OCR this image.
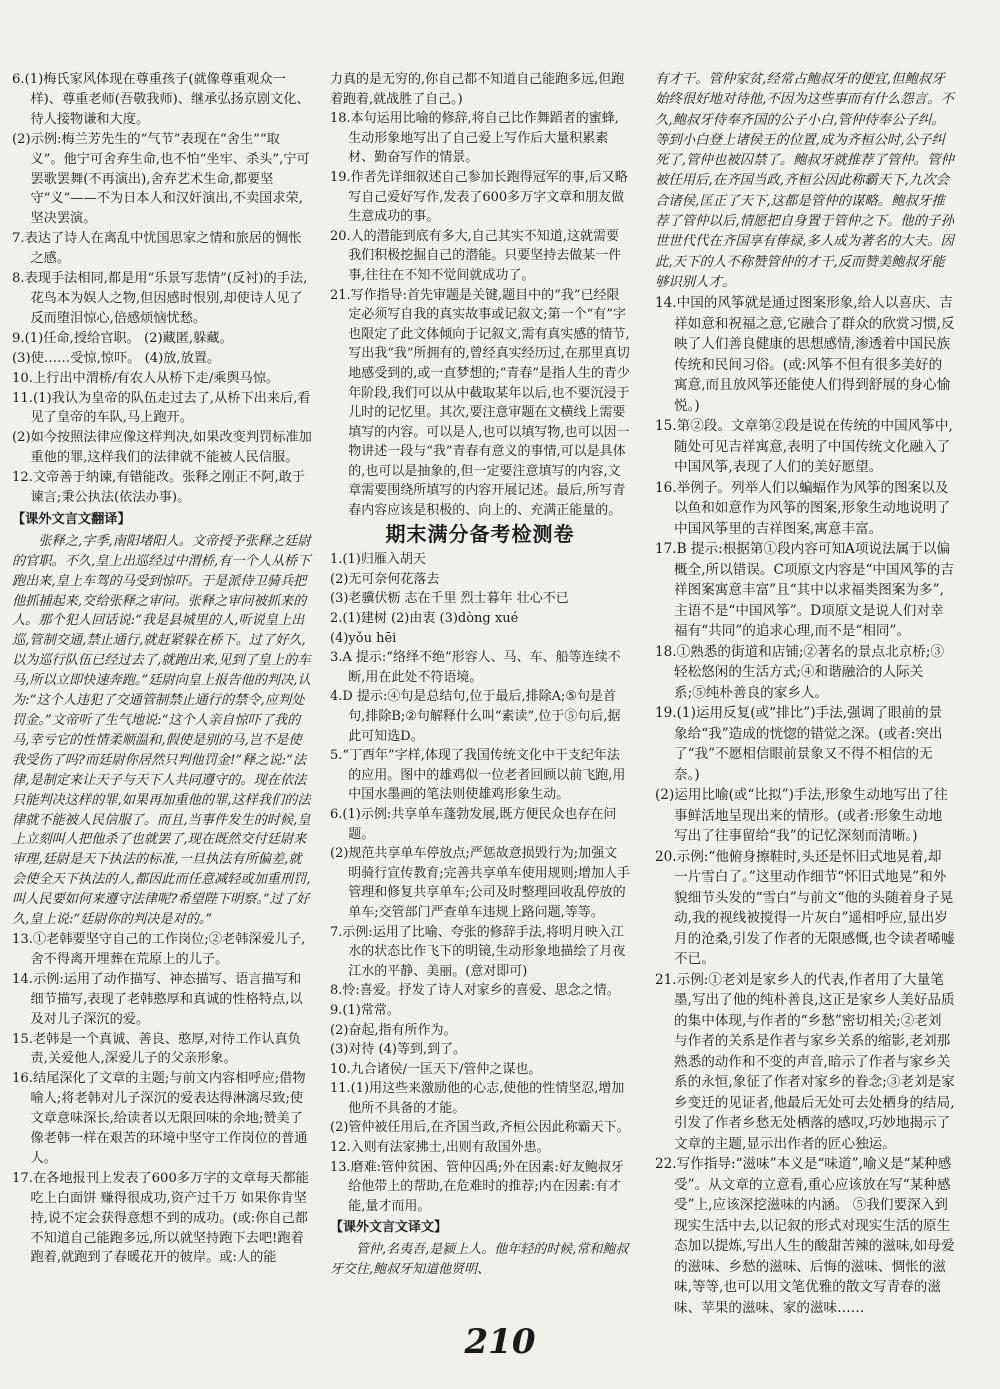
6.(1)梅氏家风体现在尊重孩子(就像尊重观众一样)、尊重老师(吾敬我师)、继承弘扬京剧文化、待人接物谦和大度。

(2)示例:梅兰芳先生的“气节”表现在“舍生”“取义”。他宁可舍弃生命,也不怕“坐牢、杀头”,宁可罢歌罢舞(不再演出),舍弃艺术生命,都要坚守“义”——不为日本人和汉奸演出,不卖国求荣,坚决罢演。

7.表达了诗人在离乱中忧国思家之情和旅居的惆怅之感。

8.表现手法相同,都是用“乐景写悲情”(反衬)的手法,花鸟本为娱人之物,但因感时恨别,却使诗人见了反而堕泪惊心,倍感烦恼忧愁。

9.(1)任命,授给官职。 (2)藏匿,躲藏。

(3)使……受惊,惊吓。 (4)放,放置。

10.上行出中渭桥/有农人从桥下走/乘舆马惊。

11.(1)我认为皇帝的队伍走过去了,从桥下出来后,看见了皇帝的车队,马上跑开。

(2)如今按照法律应像这样判决,如果改变判罚标准加重他的罪,这样我们的法律就不能被人民信服。

12.文帝善于纳谏,有错能改。张释之刚正不阿,敢于谏言;秉公执法(依法办事)。

【课外文言文翻译】

张释之,字季,南阳堵阳人。文帝授予张释之廷尉的官职。不久,皇上出巡经过中渭桥,有一个人从桥下跑出来,皇上车驾的马受到惊吓。于是派侍卫骑兵把他抓捕起来,交给张释之审问。张释之审问被抓来的人。那个犯人回话说:“我是县城里的人,听说皇上出巡,管制交通,禁止通行,就赶紧躲在桥下。过了好久,以为巡行队伍已经过去了,就跑出来,见到了皇上的车马,所以立即快速奔跑。”廷尉向皇上报告他的判决,认为:“这个人违犯了交通管制禁止通行的禁令,应判处罚金。”文帝听了生气地说:“这个人亲自惊吓了我的马,幸亏它的性情柔顺温和,假使是别的马,岂不是使我受伤了吗?而廷尉你居然只判他罚金!”释之说:“法律,是制定来让天子与天下人共同遵守的。现在依法只能判决这样的罪,如果再加重他的罪,这样我们的法律就不能被人民信服了。而且,当事件发生的时候,皇上立刻叫人把他杀了也就罢了,现在既然交付廷尉来审理,廷尉是天下执法的标准,一旦执法有所偏差,就会使全天下执法的人,都因此而任意减轻或加重刑罚,叫人民要如何来遵守法律呢?希望陛下明察。”过了好久,皇上说:“廷尉你的判决是对的。”

13.①老韩要坚守自己的工作岗位;②老韩深爱儿子,舍不得离开埋葬在荒原上的儿子。

14.示例:运用了动作描写、神态描写、语言描写和细节描写,表现了老韩憨厚和真诚的性格特点,以及对儿子深沉的爱。

15.老韩是一个真诚、善良、憨厚,对待工作认真负责,关爱他人,深爱儿子的父亲形象。

16.结尾深化了文章的主题;与前文内容相呼应;借物喻人;将老韩对儿子深沉的爱表达得淋漓尽致;使文章意味深长,给读者以无限回味的余地;赞美了像老韩一样在艰苦的环境中坚守工作岗位的普通人。

17.在各地报刊上发表了600多万字的文章每天都能吃上白面饼 赚得很成功,资产过千万 如果你肯坚持,说不定会获得意想不到的成功。(或:你自己都不知道自己能跑多远,所以就坚持跑下去吧!跑着跑着,就跑到了春暖花开的彼岸。或:人的能

力真的是无穷的,你自己都不知道自己能跑多远,但跑着跑着,就战胜了自己。)

18.本句运用比喻的修辞,将自己比作舞蹈者的蜜蜂,生动形象地写出了自己爱上写作后大量积累素材、勤奋写作的情景。

19.作者先详细叙述自己参加长跑得冠军的事,后又略写自己爱好写作,发表了600多万字文章和朋友做生意成功的事。

20.人的潜能到底有多大,自己其实不知道,这就需要我们积极挖掘自己的潜能。只要坚持去做某一件事,往往在不知不觉间就成功了。

21.写作指导:首先审题是关键,题目中的“我”已经限定必须写自我的真实故事或记叙文;第一个“有”字也限定了此文体倾向于记叙文,需有真实感的情节,写出我“我”所拥有的,曾经真实经历过,在那里真切地感受到的,或一直梦想的;“青春”是指人生的青少年阶段,我们可以从中截取某年以后,也不要沉浸于儿时的记忆里。其次,要注意审题在文横线上需要填写的内容。可以是人,也可以填写物,也可以因一物讲述一段与“我”青春有意义的事情,可以是具体的,也可以是抽象的,但一定要注意填写的内容,文章需要围绕所填写的内容开展记述。最后,所写青春内容应该是积极的、向上的、充满正能量的。

期末满分备考检测卷

1.(1)归雁入胡天

(2)无可奈何花落去

(3)老骥伏枥 志在千里 烈士暮年 壮心不已

2.(1)建树 (2)由衷 (3)dòng xué

(4)yǒu hēi

3.A 提示:“络绎不绝”形容人、马、车、船等连续不断,用在此处不符语境。

4.D 提示:④句是总结句,位于最后,排除A;⑤句是首句,排除B;②句解释什么叫“素读”,位于⑤句后,据此可知选D。

5.“丁酉年”字样,体现了我国传统文化中干支纪年法的应用。图中的雄鸡似一位老者回顾以前飞跑,用中国水墨画的笔法则使雄鸡形象生动。

6.(1)示例:共享单车蓬勃发展,既方便民众也存在问题。

(2)规范共享单车停放点;严惩故意损毁行为;加强文明骑行宣传教育;完善共享单车使用规则;增加人手管理和修复共享单车;公司及时整理回收乱停放的单车;交管部门严查单车违规上路问题,等等。

7.示例:运用了比喻、夸张的修辞手法,将明月映入江水的状态比作飞下的明镜,生动形象地描绘了月夜江水的平静、美丽。(意对即可)

8.怜:喜爱。抒发了诗人对家乡的喜爱、思念之情。

9.(1)常常。

(2)奋起,指有所作为。

(3)对待 (4)等到,到了。

10.九合诸侯/一匡天下/管仲之谋也。

11.(1)用这些来激励他的心志,使他的性情坚忍,增加他所不具备的才能。

(2)管仲被任用后,在齐国当政,齐桓公因此称霸天下。

12.入则有法家拂士,出则有敌国外患。

13.磨难:管仲贫困、管仲囚禹;外在因素:好友鲍叔牙给他带上的帮助,在危难时的推荐;内在因素:有才能,量才而用。

【课外文言文译文】

管仲,名夷吾,是颍上人。他年轻的时候,常和鲍叔牙交往,鲍叔牙知道他贤明、

有才干。管仲家贫,经常占鲍叔牙的便宜,但鲍叔牙始终很好地对待他,不因为这些事而有什么怨言。不久,鲍叔牙侍奉齐国的公子小白,管仲侍奉公子纠。等到小白登上诸侯王的位置,成为齐桓公时,公子纠死了,管仲也被囚禁了。鲍叔牙就推荐了管仲。管仲被任用后,在齐国当政,齐桓公因此称霸天下,九次会合诸侯,匡正了天下,这都是管仲的谋略。鲍叔牙推荐了管仲以后,情愿把自身置于管仲之下。他的子孙世世代代在齐国享有俸禄,多人成为著名的大夫。因此,天下的人不称赞管仲的才干,反而赞美鲍叔牙能够识别人才。

14.中国的风筝就是通过图案形象,给人以喜庆、吉祥如意和祝福之意,它融合了群众的欣赏习惯,反映了人们善良健康的思想感情,渗透着中国民族传统和民间习俗。(或:风筝不但有很多美好的寓意,而且放风筝还能使人们得到舒展的身心愉悦。)

15.第②段。文章第②段是说在传统的中国风筝中,随处可见吉祥寓意,表明了中国传统文化融入了中国风筝,表现了人们的美好愿望。

16.举例子。列举人们以蝙蝠作为风筝的图案以及以鱼和如意作为风筝的图案,形象生动地说明了中国风筝里的吉祥图案,寓意丰富。

17.B 提示:根据第①段内容可知A项说法属于以偏概全,所以错误。C项原文内容是“中国风筝的吉祥图案寓意丰富”且“其中以求福类图案为多”,主语不是“中国风筝”。D项原文是说人们对幸福有“共同”的追求心理,而不是“相同”。

18.①熟悉的街道和店铺;②著名的景点北京桥;③轻松悠闲的生活方式;④和谐融洽的人际关系;⑤纯朴善良的家乡人。

19.(1)运用反复(或“排比”)手法,强调了眼前的景象给“我”造成的恍惚的错觉之深。(或者:突出了“我”不愿相信眼前景象又不得不相信的无奈。)

(2)运用比喻(或“比拟”)手法,形象生动地写出了往事鲜活地呈现出来的情形。(或者:形象生动地写出了往事留给“我”的记忆深刻而清晰。)

20.示例:“他俯身擦鞋时,头还是怀旧式地晃着,却一片雪白了。”这里动作细节“怀旧式地晃”和外貌细节头发的“雪白”与前文“他的头随着身子晃动,我的视线被搅得一片灰白”遥相呼应,显出岁月的沧桑,引发了作者的无限感慨,也令读者唏嘘不已。

21.示例:①老刘是家乡人的代表,作者用了大量笔墨,写出了他的纯朴善良,这正是家乡人美好品质的集中体现,与作者的“乡愁”密切相关;②老刘与作者的关系是作者与家乡关系的缩影,老刘那熟悉的动作和不变的声音,暗示了作者与家乡关系的永恒,象征了作者对家乡的眷念;③老刘是家乡变迁的见证者,他最后无处可去处栖身的结局,引发了作者乡愁无处栖落的感叹,巧妙地揭示了文章的主题,显示出作者的匠心独运。

22.写作指导:“滋味”本义是“味道”,喻义是“某种感受”。从文章的立意看,重心应该放在写“某种感受”上,应该深挖滋味的内涵。 ⑤我们要深入到现实生活中去,以记叙的形式对现实生活的原生态加以提炼,写出人生的酸甜苦辣的滋味,如母爱的滋味、乡愁的滋味、后悔的滋味、惆怅的滋味,等等,也可以用文笔优雅的散文写青春的滋味、苹果的滋味、家的滋味……

210
